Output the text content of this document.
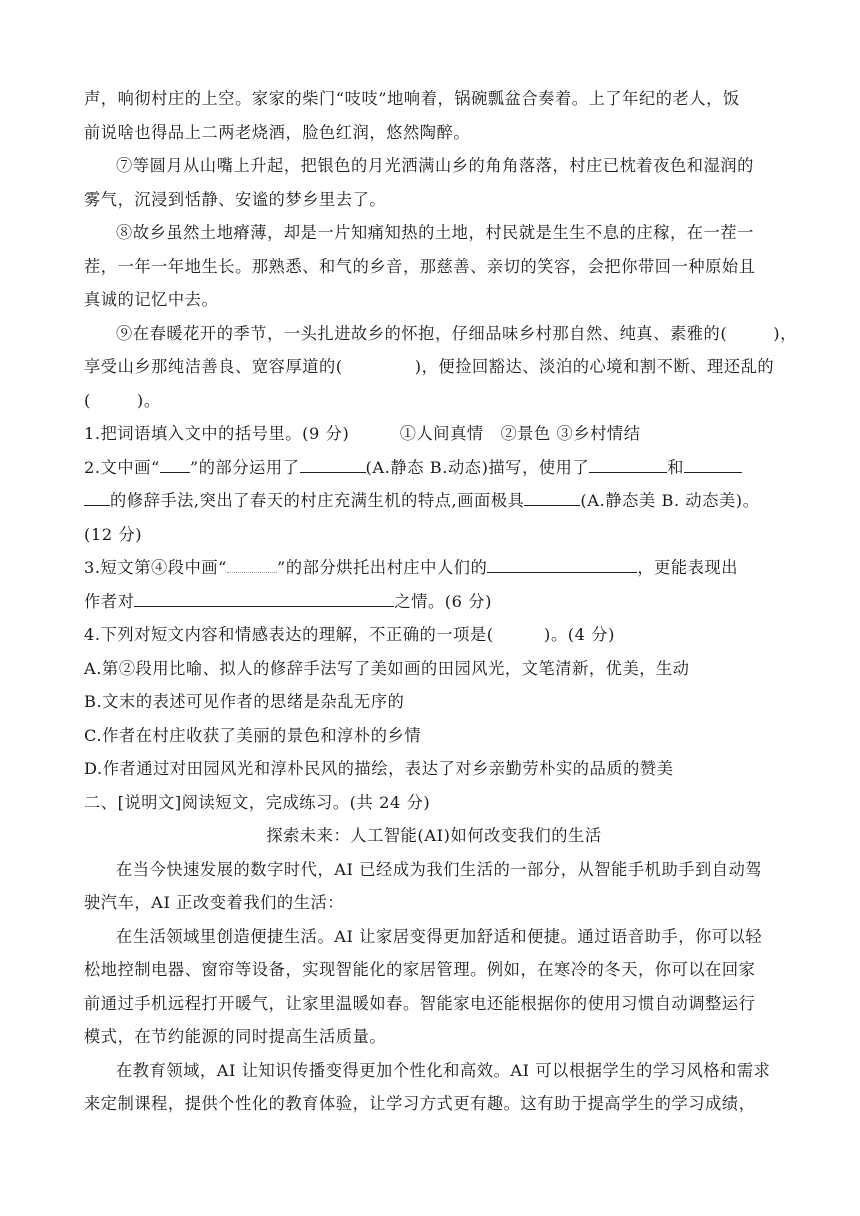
声，响彻村庄的上空。家家的柴门“吱吱”地响着，锅碗瓢盆合奏着。上了年纪的老人，饭
前说啥也得品上二两老烧酒，脸色红润，悠然陶醉。
⑦等圆月从山嘴上升起，把银色的月光洒满山乡的角角落落，村庄已枕着夜色和湿润的
雾气，沉浸到恬静、安谧的梦乡里去了。
⑧故乡虽然土地瘠薄，却是一片知痛知热的土地，村民就是生生不息的庄稼，在一茬一
茬，一年一年地生长。那熟悉、和气的乡音，那慈善、亲切的笑容，会把你带回一种原始且
真诚的记忆中去。
⑨在春暖花开的季节，一头扎进故乡的怀抱，仔细品味乡村那自然、纯真、素雅的(	)，
享受山乡那纯洁善良、宽容厚道的(	)，便捡回豁达、淡泊的心境和割不断、理还乱的
(	)。
1.把词语填入文中的括号里。(9 分)　　　①人间真情　②景色 ③乡村情结
2.文中画“ ”的部分运用了	(A.静态 B.动态)描写，使用了	和
的修辞手法,突出了春天的村庄充满生机的特点,画面极具	(A.静态美 B. 动态美)。
(12 分)
3.短文第④段中画“	”的部分烘托出村庄中人们的	，更能表现出
作者对	之情。(6 分)
4.下列对短文内容和情感表达的理解，不正确的一项是(　　　)。(4 分)
A.第②段用比喻、拟人的修辞手法写了美如画的田园风光，文笔清新，优美，生动
B.文末的表述可见作者的思绪是杂乱无序的
C.作者在村庄收获了美丽的景色和淳朴的乡情
D.作者通过对田园风光和淳朴民风的描绘，表达了对乡亲勤劳朴实的品质的赞美
二、[说明文]阅读短文，完成练习。(共 24 分)
探索未来：人工智能(AI)如何改变我们的生活
在当今快速发展的数字时代，AI 已经成为我们生活的一部分，从智能手机助手到自动驾
驶汽车，AI 正改变着我们的生活：
在生活领域里创造便捷生活。AI 让家居变得更加舒适和便捷。通过语音助手，你可以轻
松地控制电器、窗帘等设备，实现智能化的家居管理。例如，在寒冷的冬天，你可以在回家
前通过手机远程打开暖气，让家里温暖如春。智能家电还能根据你的使用习惯自动调整运行
模式，在节约能源的同时提高生活质量。
在教育领域，AI 让知识传播变得更加个性化和高效。AI 可以根据学生的学习风格和需求
来定制课程，提供个性化的教育体验，让学习方式更有趣。这有助于提高学生的学习成绩，
